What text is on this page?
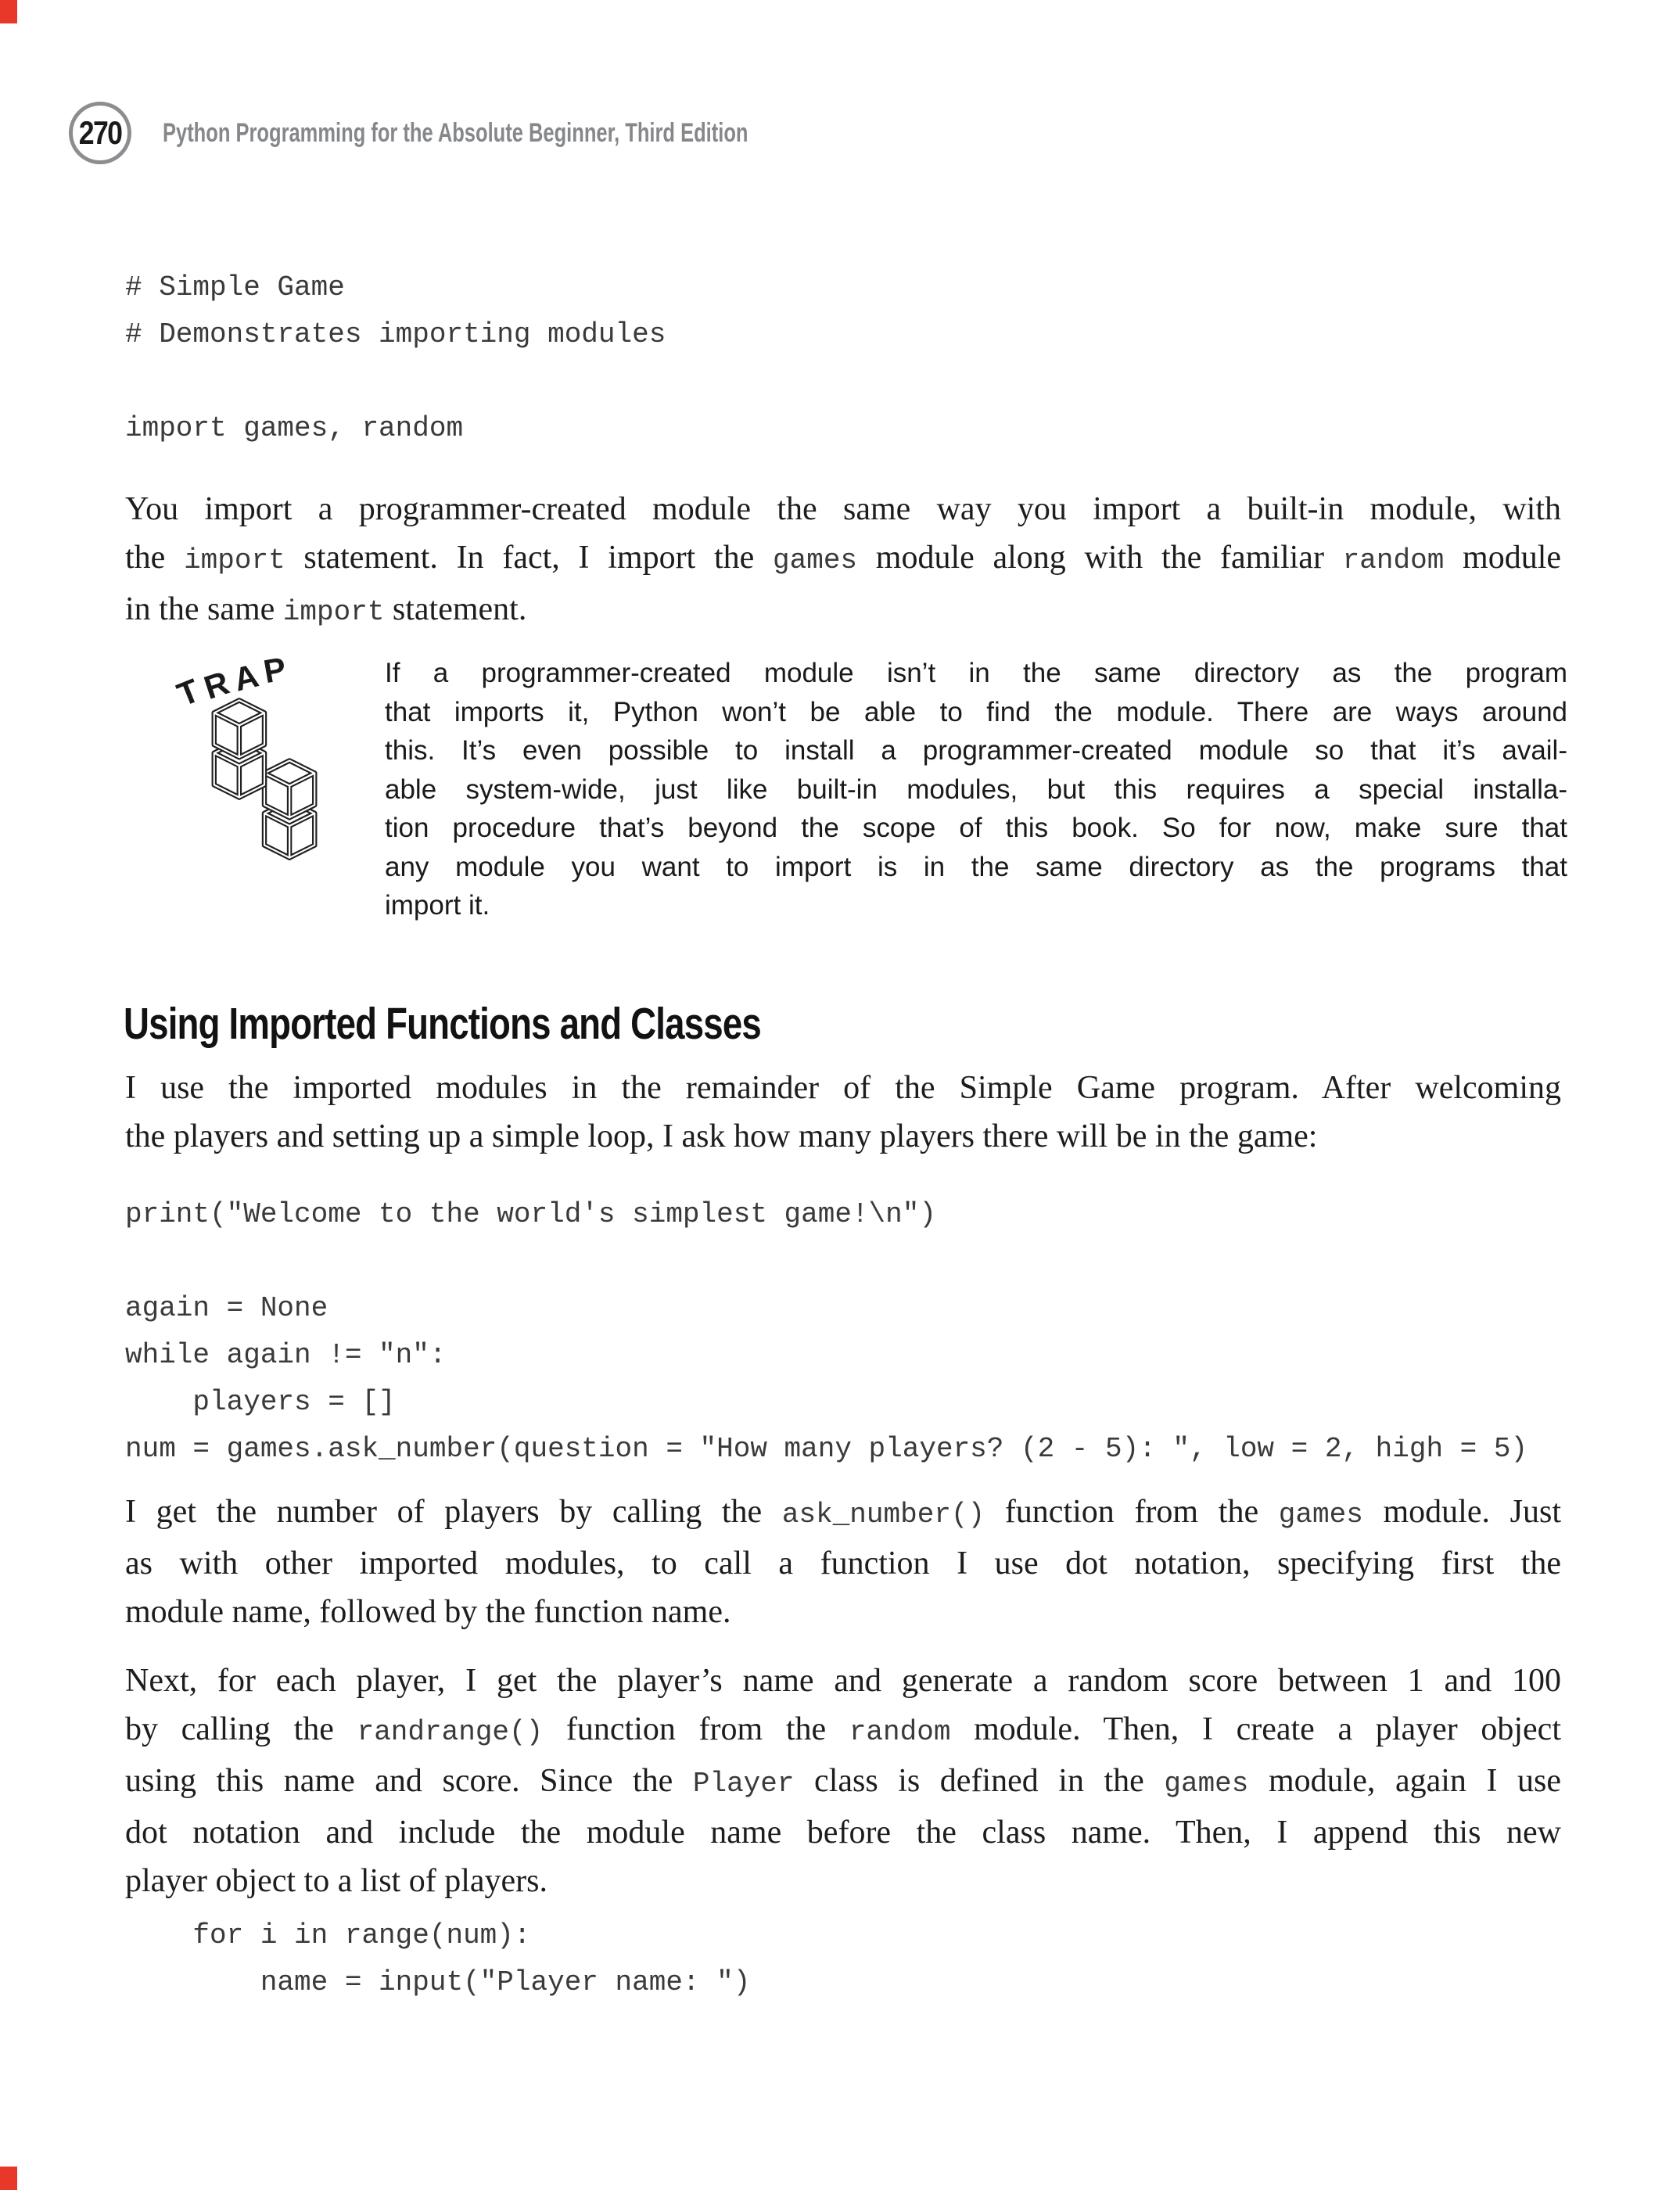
270 Python Programming for the Absolute Beginner, Third Edition
# Simple Game
# Demonstrates importing modules

import games, random
You import a programmer-created module the same way you import a built-in module, with
the import statement. In fact, I import the games module along with the familiar random module
in the same import statement.
TRAP	If a programmer-created module isn’t in the same directory as the program
that imports it, Python won’t be able to find the module. There are ways around
this. It’s even possible to install a programmer-created module so that it’s avail-
able system-wide, just like built-in modules, but this requires a special installa-
tion procedure that’s beyond the scope of this book. So for now, make sure that
any module you want to import is in the same directory as the programs that
import it.
Using Imported Functions and Classes
I use the imported modules in the remainder of the Simple Game program. After welcoming
the players and setting up a simple loop, I ask how many players there will be in the game:
print("Welcome to the world's simplest game!\n")

again = None
while again != "n":
players = []
num = games.ask_number(question = "How many players? (2 - 5): ", low = 2, high = 5)
I get the number of players by calling the ask_number() function from the games module. Just
as with other imported modules, to call a function I use dot notation, specifying first the
module name, followed by the function name.
Next, for each player, I get the player’s name and generate a random score between 1 and 100
by calling the randrange() function from the random module. Then, I create a player object
using this name and score. Since the Player class is defined in the games module, again I use
dot notation and include the module name before the class name. Then, I append this new
player object to a list of players.
for i in range(num):
name = input("Player name: ")
